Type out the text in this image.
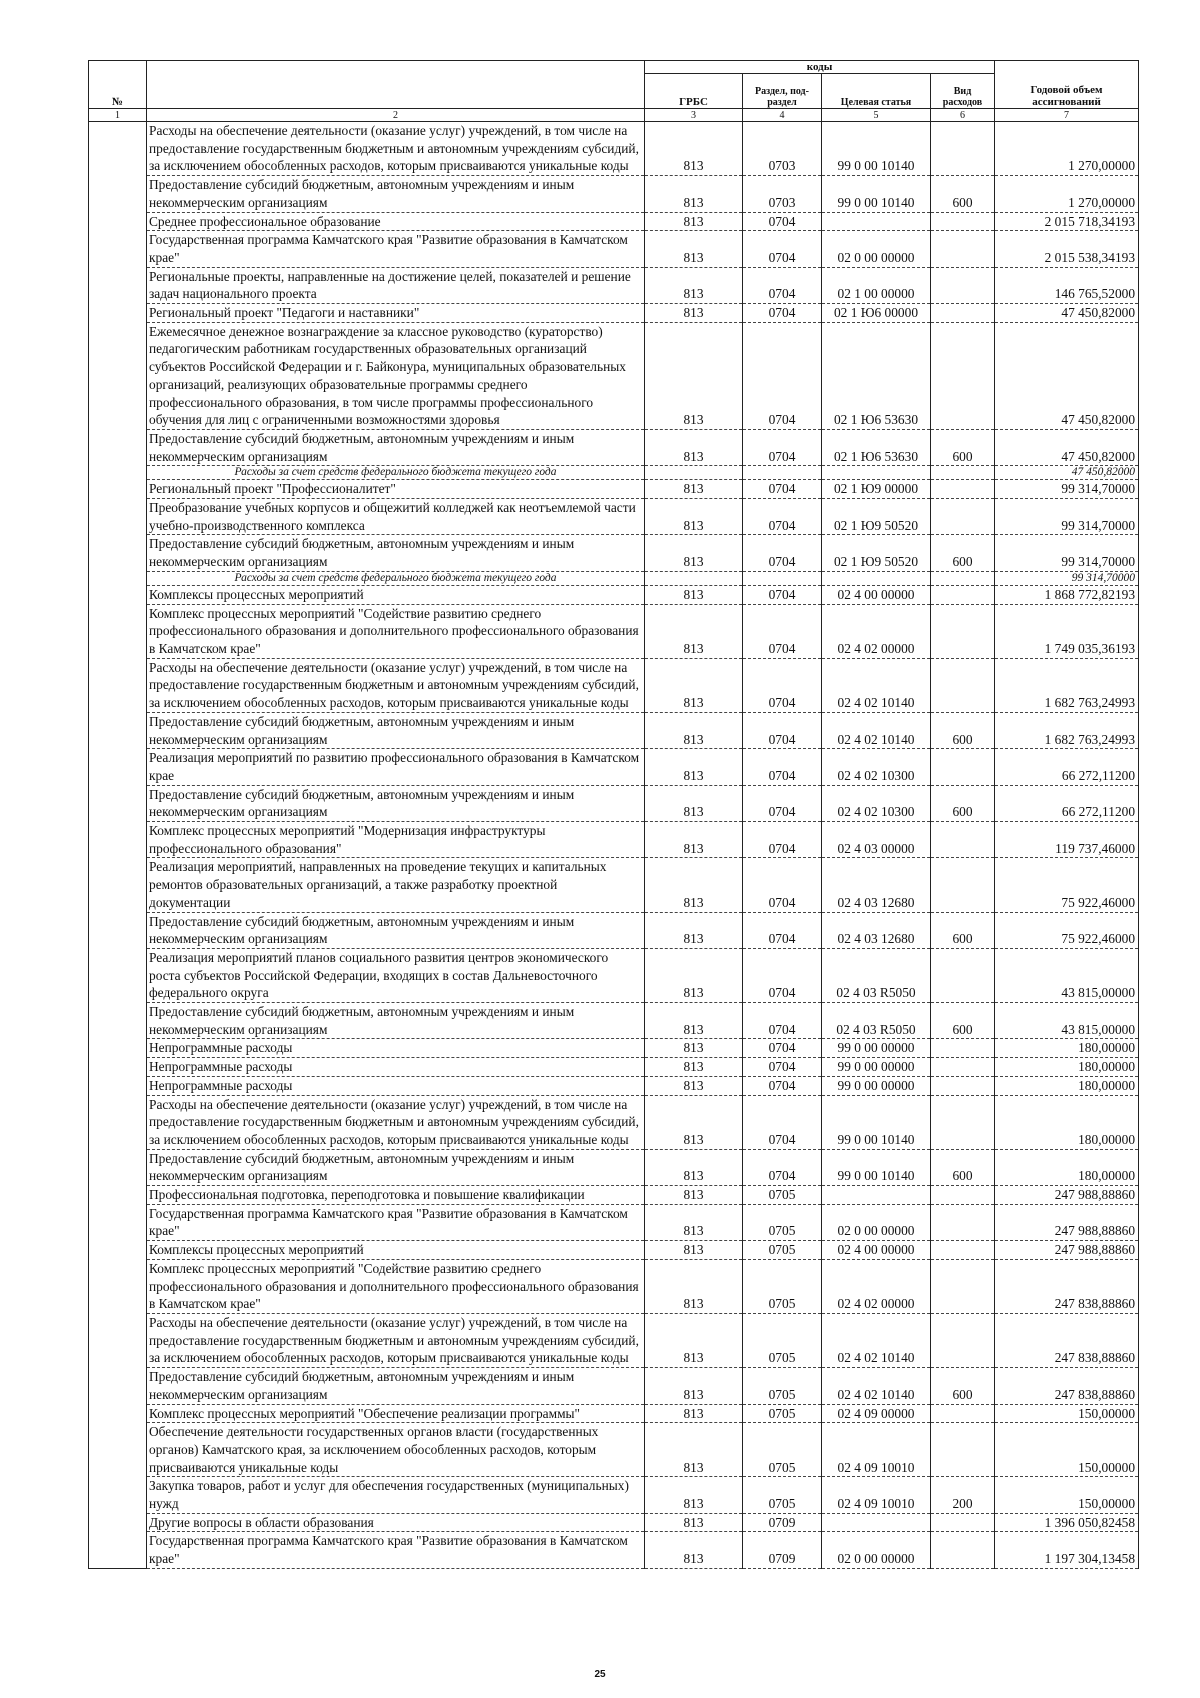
№		коды				Годовой объем ассигнований
		ГРБС	Раздел, под-раздел	Целевая статья	Вид расходов	
1	2	3	4	5	6	7
	Расходы на обеспечение деятельности (оказание услуг) учреждений, в том числе на предоставление государственным бюджетным и автономным учреждениям субсидий, за исключением обособленных расходов, которым присваиваются уникальные коды	813	0703	99 0 00 10140		1 270,00000
	Предоставление субсидий бюджетным, автономным учреждениям и иным некоммерческим организациям	813	0703	99 0 00 10140	600	1 270,00000
	Среднее профессиональное образование	813	0704			2 015 718,34193
	Государственная программа Камчатского края "Развитие образования в Камчатском крае"	813	0704	02 0 00 00000		2 015 538,34193
	Региональные проекты, направленные на достижение целей, показателей и решение задач национального проекта	813	0704	02 1 00 00000		146 765,52000
	Региональный проект "Педагоги и наставники"	813	0704	02 1 Ю6 00000		47 450,82000
	Ежемесячное денежное вознаграждение за классное руководство (кураторство) педагогическим работникам государственных образовательных организаций субъектов Российской Федерации и г. Байконура, муниципальных образовательных организаций, реализующих образовательные программы среднего профессионального образования, в том числе программы профессионального обучения для лиц с ограниченными возможностями здоровья	813	0704	02 1 Ю6 53630		47 450,82000
	Предоставление субсидий бюджетным, автономным учреждениям и иным некоммерческим организациям	813	0704	02 1 Ю6 53630	600	47 450,82000
	Расходы за счет средств федерального бюджета текущего года					47 450,82000
	Региональный проект "Профессионалитет"	813	0704	02 1 Ю9 00000		99 314,70000
	Преобразование учебных корпусов и общежитий колледжей как неотъемлемой части учебно-производственного комплекса	813	0704	02 1 Ю9 50520		99 314,70000
	Предоставление субсидий бюджетным, автономным учреждениям и иным некоммерческим организациям	813	0704	02 1 Ю9 50520	600	99 314,70000
	Расходы за счет средств федерального бюджета текущего года					99 314,70000
	Комплексы процессных мероприятий	813	0704	02 4 00 00000		1 868 772,82193
	Комплекс процессных мероприятий "Содействие развитию среднего профессионального образования и дополнительного профессионального образования в Камчатском крае"	813	0704	02 4 02 00000		1 749 035,36193
	Расходы на обеспечение деятельности (оказание услуг) учреждений, в том числе на предоставление государственным бюджетным и автономным учреждениям субсидий, за исключением обособленных расходов, которым присваиваются уникальные коды	813	0704	02 4 02 10140		1 682 763,24993
	Предоставление субсидий бюджетным, автономным учреждениям и иным некоммерческим организациям	813	0704	02 4 02 10140	600	1 682 763,24993
	Реализация мероприятий по развитию профессионального образования в Камчатском крае	813	0704	02 4 02 10300		66 272,11200
	Предоставление субсидий бюджетным, автономным учреждениям и иным некоммерческим организациям	813	0704	02 4 02 10300	600	66 272,11200
	Комплекс процессных мероприятий "Модернизация инфраструктуры профессионального образования"	813	0704	02 4 03 00000		119 737,46000
	Реализация мероприятий, направленных на проведение текущих и капитальных ремонтов образовательных организаций, а также разработку проектной документации	813	0704	02 4 03 12680		75 922,46000
	Предоставление субсидий бюджетным, автономным учреждениям и иным некоммерческим организациям	813	0704	02 4 03 12680	600	75 922,46000
	Реализация мероприятий планов социального развития центров экономического роста субъектов Российской Федерации, входящих в состав Дальневосточного федерального округа	813	0704	02 4 03 R5050		43 815,00000
	Предоставление субсидий бюджетным, автономным учреждениям и иным некоммерческим организациям	813	0704	02 4 03 R5050	600	43 815,00000
	Непрограммные расходы	813	0704	99 0 00 00000		180,00000
	Непрограммные расходы	813	0704	99 0 00 00000		180,00000
	Непрограммные расходы	813	0704	99 0 00 00000		180,00000
	Расходы на обеспечение деятельности (оказание услуг) учреждений, в том числе на предоставление государственным бюджетным и автономным учреждениям субсидий, за исключением обособленных расходов, которым присваиваются уникальные коды	813	0704	99 0 00 10140		180,00000
	Предоставление субсидий бюджетным, автономным учреждениям и иным некоммерческим организациям	813	0704	99 0 00 10140	600	180,00000
	Профессиональная подготовка, переподготовка и повышение квалификации	813	0705			247 988,88860
	Государственная программа Камчатского края "Развитие образования в Камчатском крае"	813	0705	02 0 00 00000		247 988,88860
	Комплексы процессных мероприятий	813	0705	02 4 00 00000		247 988,88860
	Комплекс процессных мероприятий "Содействие развитию среднего профессионального образования и дополнительного профессионального образования в Камчатском крае"	813	0705	02 4 02 00000		247 838,88860
	Расходы на обеспечение деятельности (оказание услуг) учреждений, в том числе на предоставление государственным бюджетным и автономным учреждениям субсидий, за исключением обособленных расходов, которым присваиваются уникальные коды	813	0705	02 4 02 10140		247 838,88860
	Предоставление субсидий бюджетным, автономным учреждениям и иным некоммерческим организациям	813	0705	02 4 02 10140	600	247 838,88860
	Комплекс процессных мероприятий "Обеспечение реализации программы"	813	0705	02 4 09 00000		150,00000
	Обеспечение деятельности государственных органов власти (государственных органов) Камчатского края, за исключением обособленных расходов, которым присваиваются уникальные коды	813	0705	02 4 09 10010		150,00000
	Закупка товаров, работ и услуг для обеспечения государственных (муниципальных) нужд	813	0705	02 4 09 10010	200	150,00000
	Другие вопросы в области образования	813	0709			1 396 050,82458
	Государственная программа Камчатского края "Развитие образования в Камчатском крае"	813	0709	02 0 00 00000		1 197 304,13458
25
